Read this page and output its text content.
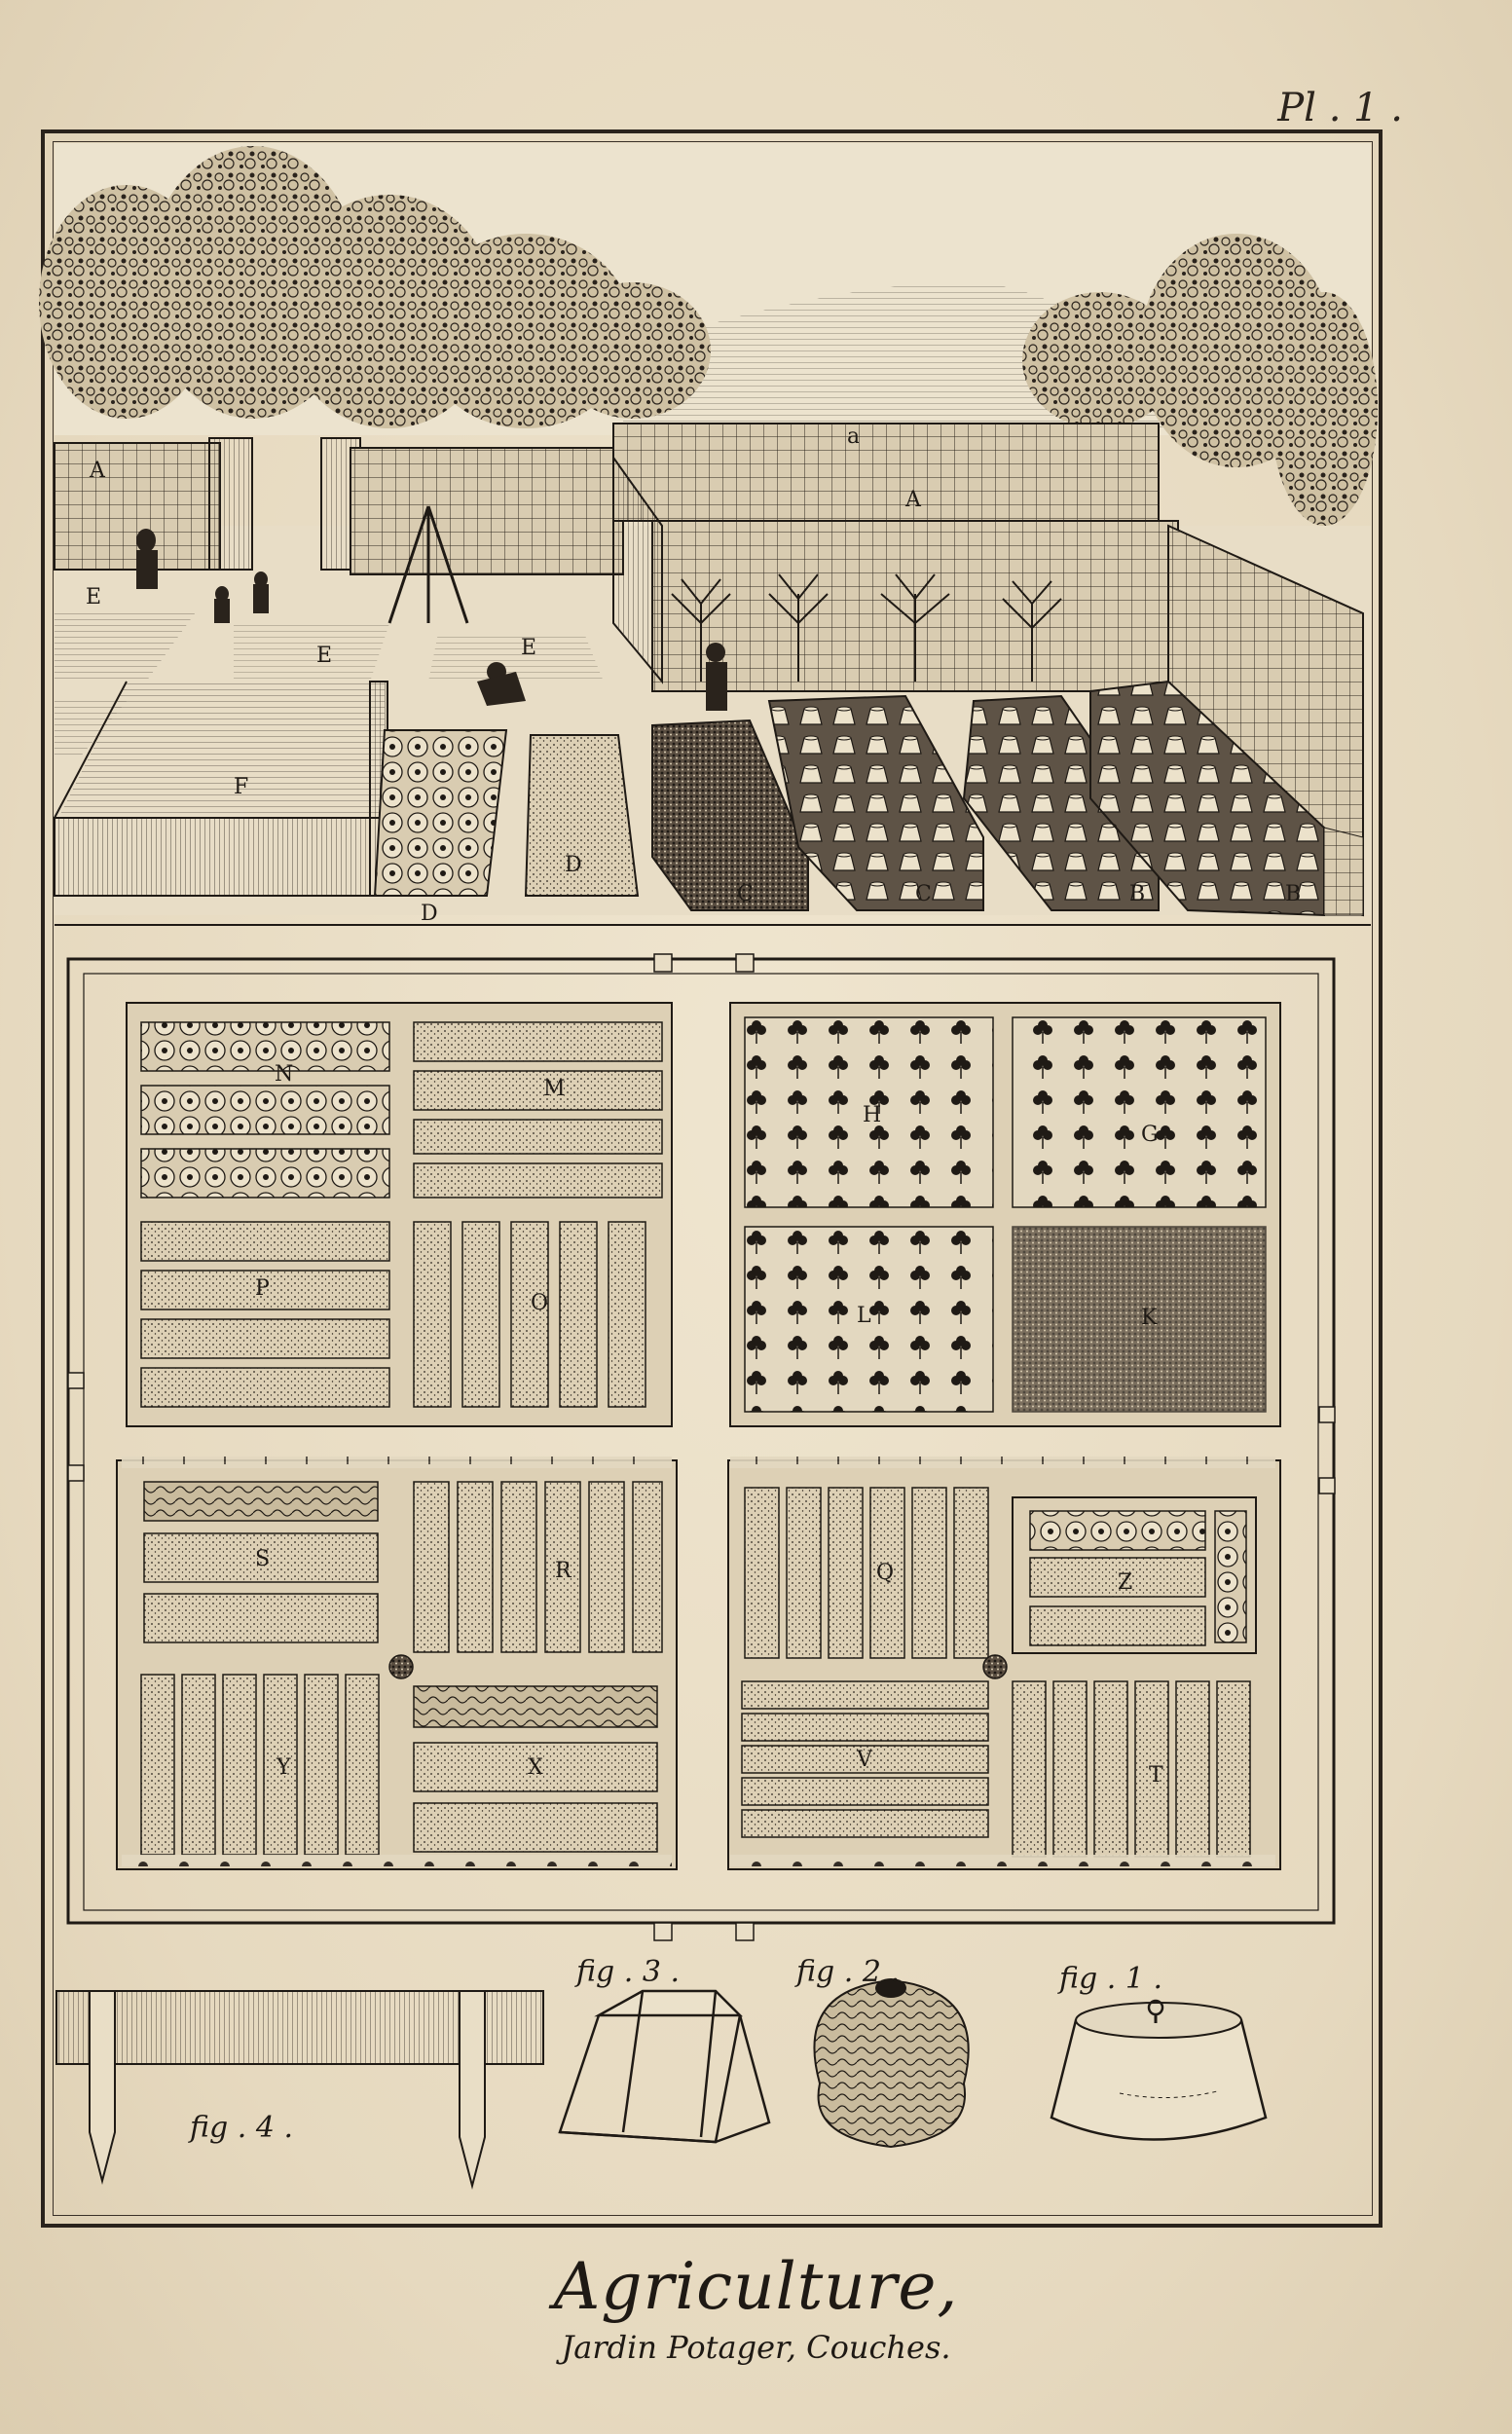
Pl . 1 .
a
A
A
E
E	E
F
D
D
C	C	B	B
N
M
H
G
P
O
L	K
S	R	Q	Z
Y	X	V
T
fig . 4 .
fig . 3 .	fig . 2 .	fig . 1 .
Agriculture,
Jardin Potager, Couches.
